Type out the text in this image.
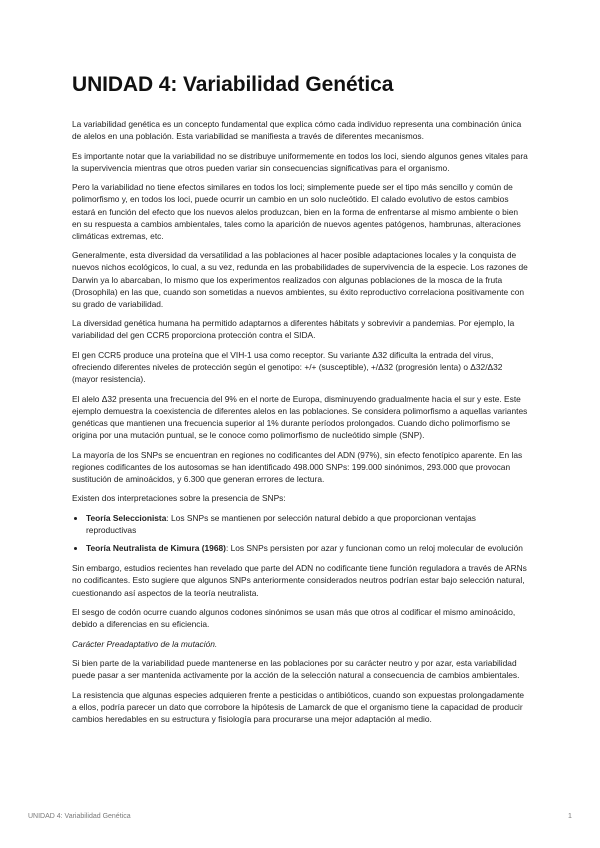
UNIDAD 4: Variabilidad Genética

La variabilidad genética es un concepto fundamental que explica cómo cada individuo representa una combinación única de alelos en una población. Esta variabilidad se manifiesta a través de diferentes mecanismos.

Es importante notar que la variabilidad no se distribuye uniformemente en todos los loci, siendo algunos genes vitales para la supervivencia mientras que otros pueden variar sin consecuencias significativas para el organismo.

Pero la variabilidad no tiene efectos similares en todos los loci; simplemente puede ser el tipo más sencillo y común de polimorfismo y, en todos los loci, puede ocurrir un cambio en un solo nucleótido. El calado evolutivo de estos cambios estará en función del efecto que los nuevos alelos produzcan, bien en la forma de enfrentarse al mismo ambiente o bien en su respuesta a cambios ambientales, tales como la aparición de nuevos agentes patógenos, hambrunas, alteraciones climáticas extremas, etc.

Generalmente, esta diversidad da versatilidad a las poblaciones al hacer posible adaptaciones locales y la conquista de nuevos nichos ecológicos, lo cual, a su vez, redunda en las probabilidades de supervivencia de la especie. Los razones de Darwin ya lo abarcaban, lo mismo que los experimentos realizados con algunas poblaciones de la mosca de la fruta (Drosophila) en las que, cuando son sometidas a nuevos ambientes, su éxito reproductivo correlaciona positivamente con su grado de variabilidad.

La diversidad genética humana ha permitido adaptarnos a diferentes hábitats y sobrevivir a pandemias. Por ejemplo, la variabilidad del gen CCR5 proporciona protección contra el SIDA.

El gen CCR5 produce una proteína que el VIH-1 usa como receptor. Su variante Δ32 dificulta la entrada del virus, ofreciendo diferentes niveles de protección según el genotipo: +/+ (susceptible), +/Δ32 (progresión lenta) o Δ32/Δ32 (mayor resistencia).

El alelo Δ32 presenta una frecuencia del 9% en el norte de Europa, disminuyendo gradualmente hacia el sur y este. Este ejemplo demuestra la coexistencia de diferentes alelos en las poblaciones. Se considera polimorfismo a aquellas variantes genéticas que mantienen una frecuencia superior al 1% durante períodos prolongados. Cuando dicho polimorfismo se origina por una mutación puntual, se le conoce como polimorfismo de nucleótido simple (SNP).

La mayoría de los SNPs se encuentran en regiones no codificantes del ADN (97%), sin efecto fenotípico aparente. En las regiones codificantes de los autosomas se han identificado 498.000 SNPs: 199.000 sinónimos, 293.000 que provocan sustitución de aminoácidos, y 6.300 que generan errores de lectura.

Existen dos interpretaciones sobre la presencia de SNPs:

• Teoría Seleccionista: Los SNPs se mantienen por selección natural debido a que proporcionan ventajas reproductivas
• Teoría Neutralista de Kimura (1968): Los SNPs persisten por azar y funcionan como un reloj molecular de evolución

Sin embargo, estudios recientes han revelado que parte del ADN no codificante tiene función reguladora a través de ARNs no codificantes. Esto sugiere que algunos SNPs anteriormente considerados neutros podrían estar bajo selección natural, cuestionando así aspectos de la teoría neutralista.

El sesgo de codón ocurre cuando algunos codones sinónimos se usan más que otros al codificar el mismo aminoácido, debido a diferencias en su eficiencia.

Carácter Preadaptativo de la mutación.

Si bien parte de la variabilidad puede mantenerse en las poblaciones por su carácter neutro y por azar, esta variabilidad puede pasar a ser mantenida activamente por la acción de la selección natural a consecuencia de cambios ambientales.

La resistencia que algunas especies adquieren frente a pesticidas o antibióticos, cuando son expuestas prolongadamente a ellos, podría parecer un dato que corrobore la hipótesis de Lamarck de que el organismo tiene la capacidad de producir cambios heredables en su estructura y fisiología para procurarse una mejor adaptación al medio.

UNIDAD 4: Variabilidad Genética	1
